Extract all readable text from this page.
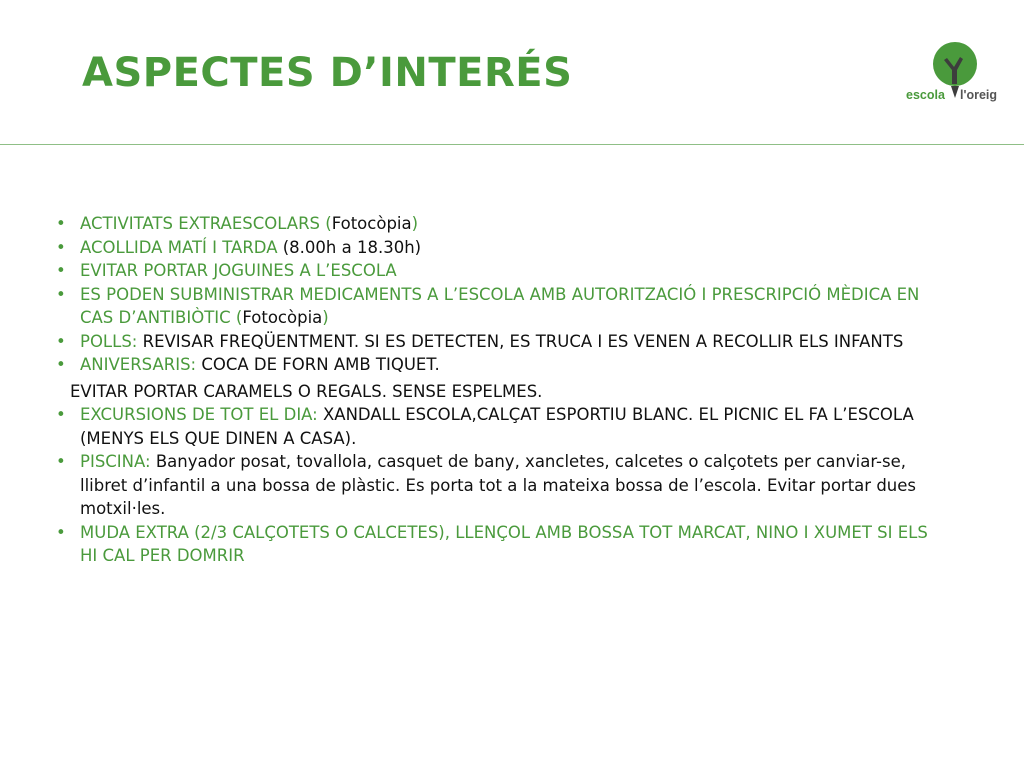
ASPECTES D’INTERÉS	escola l'oreig
• ACTIVITATS EXTRAESCOLARS (Fotocòpia)
• ACOLLIDA MATÍ I TARDA (8.00h a 18.30h)
• EVITAR PORTAR JOGUINES A L’ESCOLA
• ES PODEN SUBMINISTRAR MEDICAMENTS A L’ESCOLA AMB AUTORITZACIÓ I PRESCRIPCIÓ MÈDICA EN CAS D’ANTIBIÒTIC (Fotocòpia)
• POLLS: REVISAR FREQÜENTMENT. SI ES DETECTEN, ES TRUCA I ES VENEN A RECOLLIR ELS INFANTS
• ANIVERSARIS: COCA DE FORN AMB TIQUET.
EVITAR PORTAR CARAMELS O REGALS. SENSE ESPELMES.
• EXCURSIONS DE TOT EL DIA: XANDALL ESCOLA,CALÇAT ESPORTIU BLANC. EL PICNIC EL FA L’ESCOLA (MENYS ELS QUE DINEN A CASA).
• PISCINA: Banyador posat, tovallola, casquet de bany, xancletes, calcetes o calçotets per canviar-se, llibret d’infantil a una bossa de plàstic. Es porta tot a la mateixa bossa de l’escola. Evitar portar dues motxil·les.
• MUDA EXTRA (2/3 CALÇOTETS O CALCETES), LLENÇOL AMB BOSSA TOT MARCAT, NINO I XUMET SI ELS HI CAL PER DOMRIR
